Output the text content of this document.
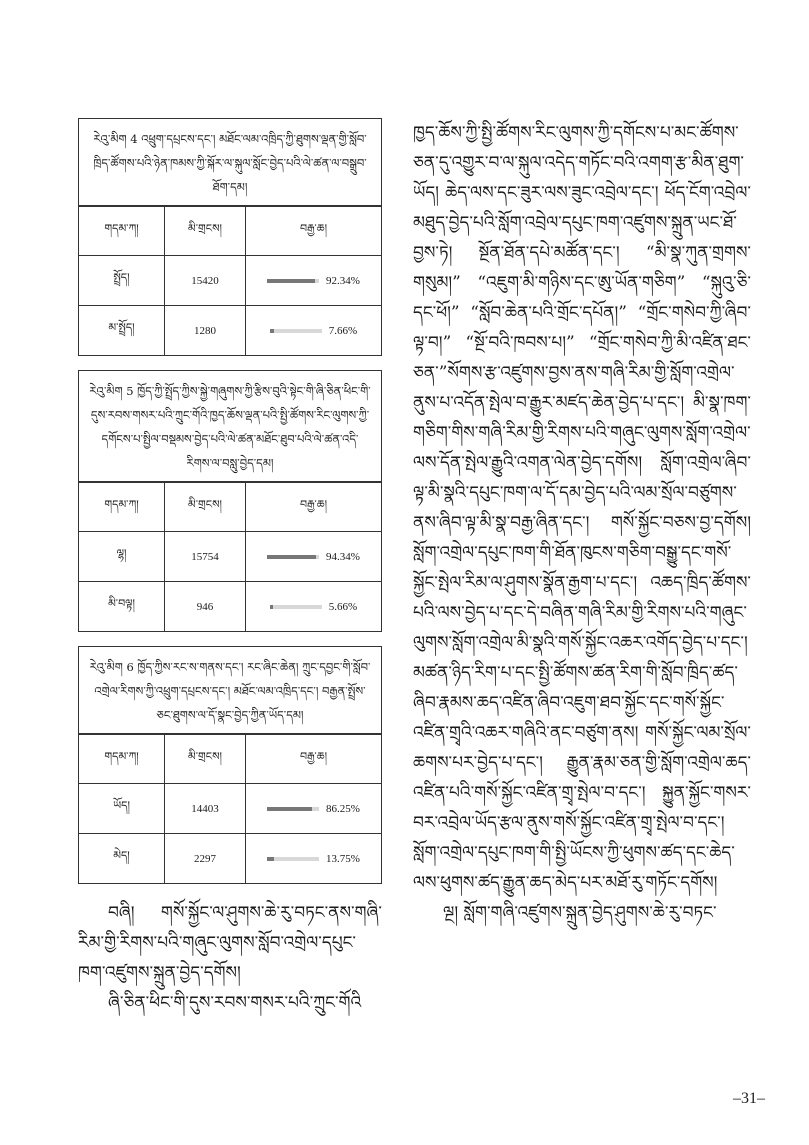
རེའུ་མིག 4 འཕྲུག་དཔྲངས་དང་། མཐོང་ལམ་འཁྲིད་ཀྱི་ཐུགས་ལྡན་གྱི་སློབ་ཁྲིད་ཚོགས་པའི་ཉེན་ཁམས་ཀྱི་སྐོར་ལ་སྐུལ་སློང་བྱེད་པའི་ལེ་ཚན་ལ་བསྒྲུབ་ཐོག་དམ།
གདམ་ཀ།	མི་གྲངས།	བརྒྱ་ཆ།
སྤྲོད།	15420	92.34%
མ་སྤྲོད།	1280	7.66%
རེའུ་མིག 5 ཁྱོད་ཀྱི་སྤྲོད་ཀྱིས་སྐྱེ་གཞུགས་ཀྱི་རྩིས་བུའི་སྟེང་གི་ཞི་ཅིན་ཕིང་གི་དུས་རབས་གསར་པའི་ཀྲུང་གོའི་ཁྱད་ཆོས་ལྡན་པའི་སྤྱི་ཚོགས་རིང་ལུགས་ཀྱི་དགོངས་པ་སྤྱིལ་བསྡམས་བྱེད་པའི་ལེ་ཚན་མཐོང་ཐུབ་པའི་ལེ་ཚན་འདི་རིགས་ལ་བསླུ་བྱེད་དམ།
གདམ་ཀ།	མི་གྲངས།	བརྒྱ་ཆ།
ལྷ།	15754	94.34%
མི་བལྟ།	946	5.66%
རེའུ་མིག 6 ཁྱོད་ཀྱིས་རང་ས་གནས་དང་། རང་ཞིང་ཆེན། ཀྲུང་དབྱང་གི་སློབ་འགྲེལ་རིགས་ཀྱི་འཕྲུག་དཔྲངས་དང་། མཐོང་ལམ་འཁྲིད་དང་། བརྒྱན་སྤྲོས་ཅང་ཐུགས་ལ་དོ་སྣང་བྱེད་ཀྱིན་ཡོད་དམ།
གདམ་ཀ།	མི་གྲངས།	བརྒྱ་ཆ།
ཡོད།	14403	86.25%
མེད།	2297	13.75%
བཞི། གསོ་སྐྱོང་ལ་ཤུགས་ཆེ་རུ་བཏང་ནས་གཞི་རིམ་གྱི་རིགས་པའི་གཞུང་ལུགས་སློབ་འགྲེལ་དཔུང་ཁག་འཛུགས་སྐྲུན་བྱེད་དགོས།
ཞི་ཅིན་ཕིང་གི་དུས་རབས་གསར་པའི་ཀྲུང་གོའི
ཁྱད་ཆོས་ཀྱི་སྤྱི་ཚོགས་རིང་ལུགས་ཀྱི་དགོངས་པ་མང་ཚོགས་ཅན་དུ་འགྱུར་བ་ལ་སྐུལ་འདེད་གཏོང་བའི་འགག་རྩ་མིན་ཐུག་ཡོད། ཆེད་ལས་དང་ཟུར་ལས་ཟུང་འབྲེལ་དང་། ཕོད་ངོག་འབྲེལ་མཐུད་བྱེད་པའི་སློག་འབྲེལ་དཔུང་ཁག་འཛུགས་སྐྲུན་ཡང་ཐོ་བྱས་ཏེ། སྔོན་ཐོན་དཔེ་མཚོན་དང་། “མི་སྣ་ཀུན་གྲགས་གསུམ།” “འཇུག་མི་གཉིས་དང་ཨུ་ཡོན་གཅིག” “སྐུའུ་ཅི་དང་ཕོ།” “སློབ་ཆེན་པའི་གྲོང་དཔོན།” “གྲོང་གསེབ་ཀྱི་ཞིབ་ལྟ་བ།” “སྔོ་བའི་ཁབས་པ།” “གྲོང་གསེབ་ཀྱི་མི་འཛིན་ཐང་ཅན་”སོགས་རྩ་འཛུགས་བྱས་ནས་གཞི་རིམ་གྱི་སློག་འགྲེལ་ནུས་པ་འདོན་སྤེལ་བ་རྒྱུར་མཛད་ཆེན་བྱེད་པ་དང་། མི་སྣ་ཁག་གཅིག་གིས་གཞི་རིམ་གྱི་རིགས་པའི་གཞུང་ལུགས་སློག་འགྲེལ་ལས་དོན་སྤེལ་རྒྱུའི་འགན་ལེན་བྱེད་དགོས། སློག་འགྲེལ་ཞིབ་ལྟ་མི་སྣའི་དཔུང་ཁག་ལ་དོ་དམ་བྱེད་པའི་ལམ་སྲོལ་བཙུགས་ནས་ཞིབ་ལྟ་མི་སྣ་བརྒྱ་ཞིན་དང་། གསོ་སྐྱོང་བཅས་བྱ་དགོས། སློག་འགྲེལ་དཔུང་ཁག་གི་ཐོན་ཁུངས་གཅིག་བསྒྱུ་དང་གསོ་སྐྱོང་སྤེལ་རིམ་ལ་ཤུགས་སྣོན་རྒྱག་པ་དང་། འཆད་ཁྲིད་ཚོགས་པའི་ལས་བྱེད་པ་དང་དེ་བཞིན་གཞི་རིམ་གྱི་རིགས་པའི་གཞུང་ལུགས་སློག་འགྲེལ་མི་སྣའི་གསོ་སྐྱོང་འཆར་འགོད་བྱེད་པ་དང་། མཚན་ཉིད་རིག་པ་དང་སྤྱི་ཚོགས་ཚན་རིག་གི་སློབ་ཁྲིད་ཚད་ཞིབ་རྣམས་ཆད་འཛིན་ཞིབ་འཇུག་ཐབ་སྐྱོང་དང་གསོ་སྐྱོང་འཛིན་གྲྭའི་འཆར་གཞིའི་ནང་བཙུག་ནས། གསོ་སྐྱོང་ལམ་སྲོལ་ཆགས་པར་བྱེད་པ་དང་། རྒྱུན་རྣམ་ཅན་གྱི་སློག་འགྲེལ་ཆད་འཛིན་པའི་གསོ་སྐྱོང་འཛིན་གྲྭ་སྤེལ་བ་དང་། སྐྱུན་སྐྱོང་གསར་བར་འབྲེལ་ཡོད་རྩལ་ནུས་གསོ་སྐྱོང་འཛིན་གྲྭ་སྤེལ་བ་དང་། སློག་འགྲེལ་དཔུང་ཁག་གི་སྤྱི་ཡོངས་ཀྱི་ཕུགས་ཚད་དང་ཆེད་ལས་ཕུགས་ཚད་རྒྱུན་ཆད་མེད་པར་མཐོ་རུ་གཏོང་དགོས།
ལྔ། སློག་གཞི་འཛུགས་སྐྲུན་བྱེད་ཤུགས་ཆེ་རུ་བཏང་
–31–
